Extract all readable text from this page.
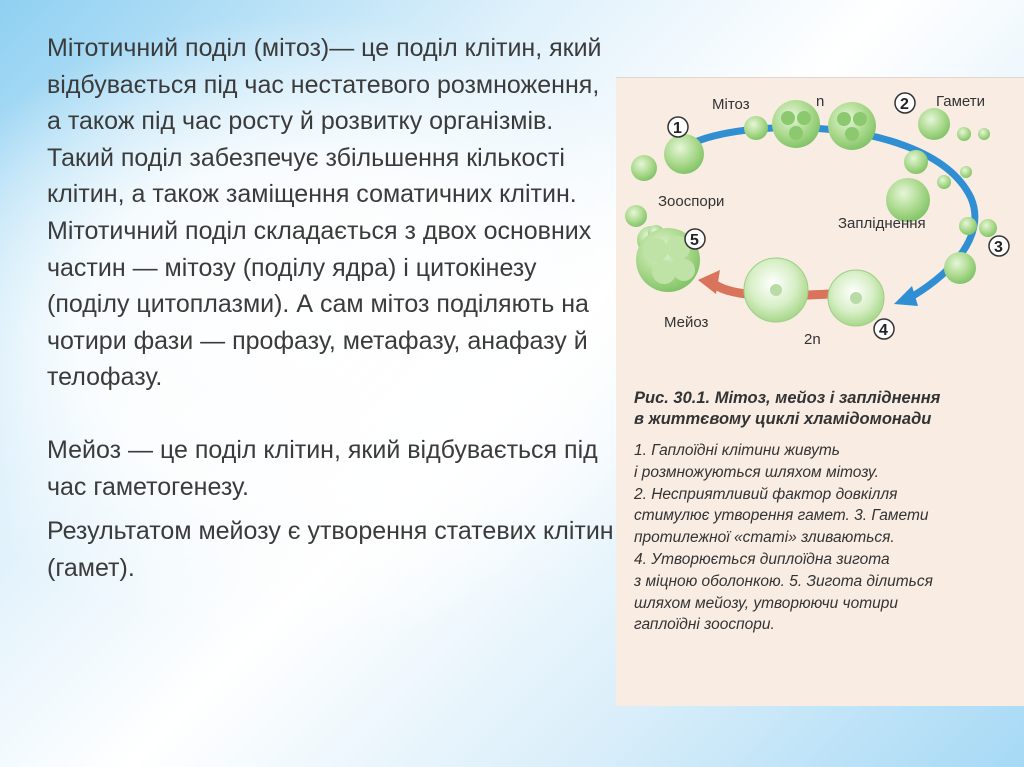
Мітотичний поділ (мітоз)— це поділ клітин, який відбувається під час нестатевого розмноження, а також під час росту й розвитку організмів. Такий поділ забезпечує збільшення кількості клітин, а також заміщення соматичних клітин. Мітотичний поділ складається з двох основних частин — мітозу (поділу ядра) і цитокінезу (поділу цитоплазми). А сам мітоз поділяють на чотири фази — профазу, метафазу, анафазу й телофазу.

Мейоз — це поділ клітин, який відбувається під час гаметогенезу.

Результатом мейозу є утворення статевих клітин (гамет).

Мітоз	n	Гамети
Зооспори
Запліднення
Мейоз
2n
1
2
3
4
5

Рис. 30.1. Мітоз, мейоз і запліднення
в життєвому циклі хламідомонади

1. Гаплоїдні клітини живуть
і розмножуються шляхом мітозу.
2. Несприятливий фактор довкілля
стимулює утворення гамет. 3. Гамети
протилежної «статі» зливаються.
4. Утворюється диплоїдна зигота
з міцною оболонкою. 5. Зигота ділиться
шляхом мейозу, утворюючи чотири
гаплоїдні зооспори.
